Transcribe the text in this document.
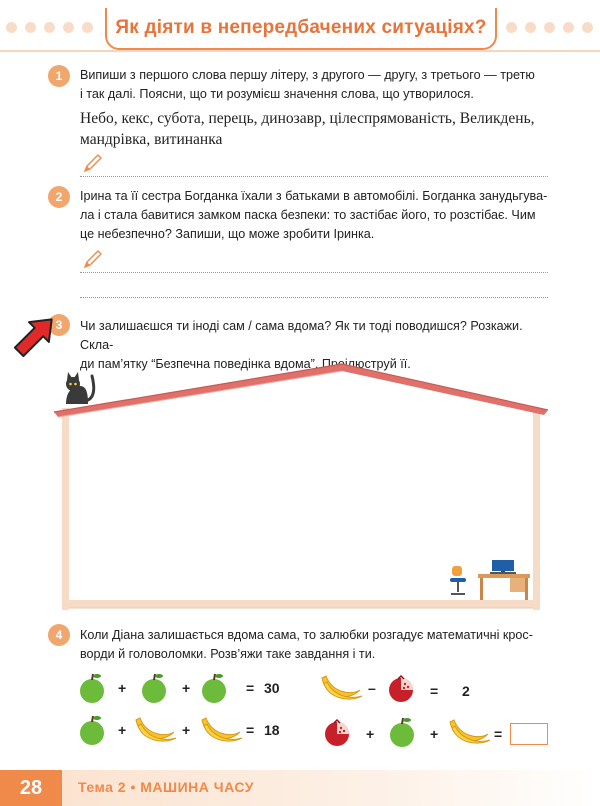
Як діяти в непередбачених ситуаціях?
1	Випиши з першого слова першу літеру, з другого — другу, з третього — третю
і так далі. Поясни, що ти розумієш значення слова, що утворилося.
Небо, кекс, субота, перець, динозавр, цілеспрямованість, Великдень,
мандрівка, витинанка
2	Ірина та її сестра Богданка їхали з батьками в автомобілі. Богданка занудьгува-
ла і стала бавитися замком паска безпеки: то застібає його, то розстібає. Чим
це небезпечно? Запиши, що може зробити Іринка.
3	Чи залишаєшся ти іноді сам / сама вдома? Як ти тоді поводишся? Розкажи. Скла-
ди пам’ятку “Безпечна поведінка вдома”. Проілюструй її.
4	Коли Діана залишається вдома сама, то залюбки розгадує математичні крос-
ворди й головоломки. Розв’яжи таке завдання і ти.
+	+	= 30
+	+	= 18
–	= 2
+	+	=
28	Тема 2 • МАШИНА ЧАСУ
